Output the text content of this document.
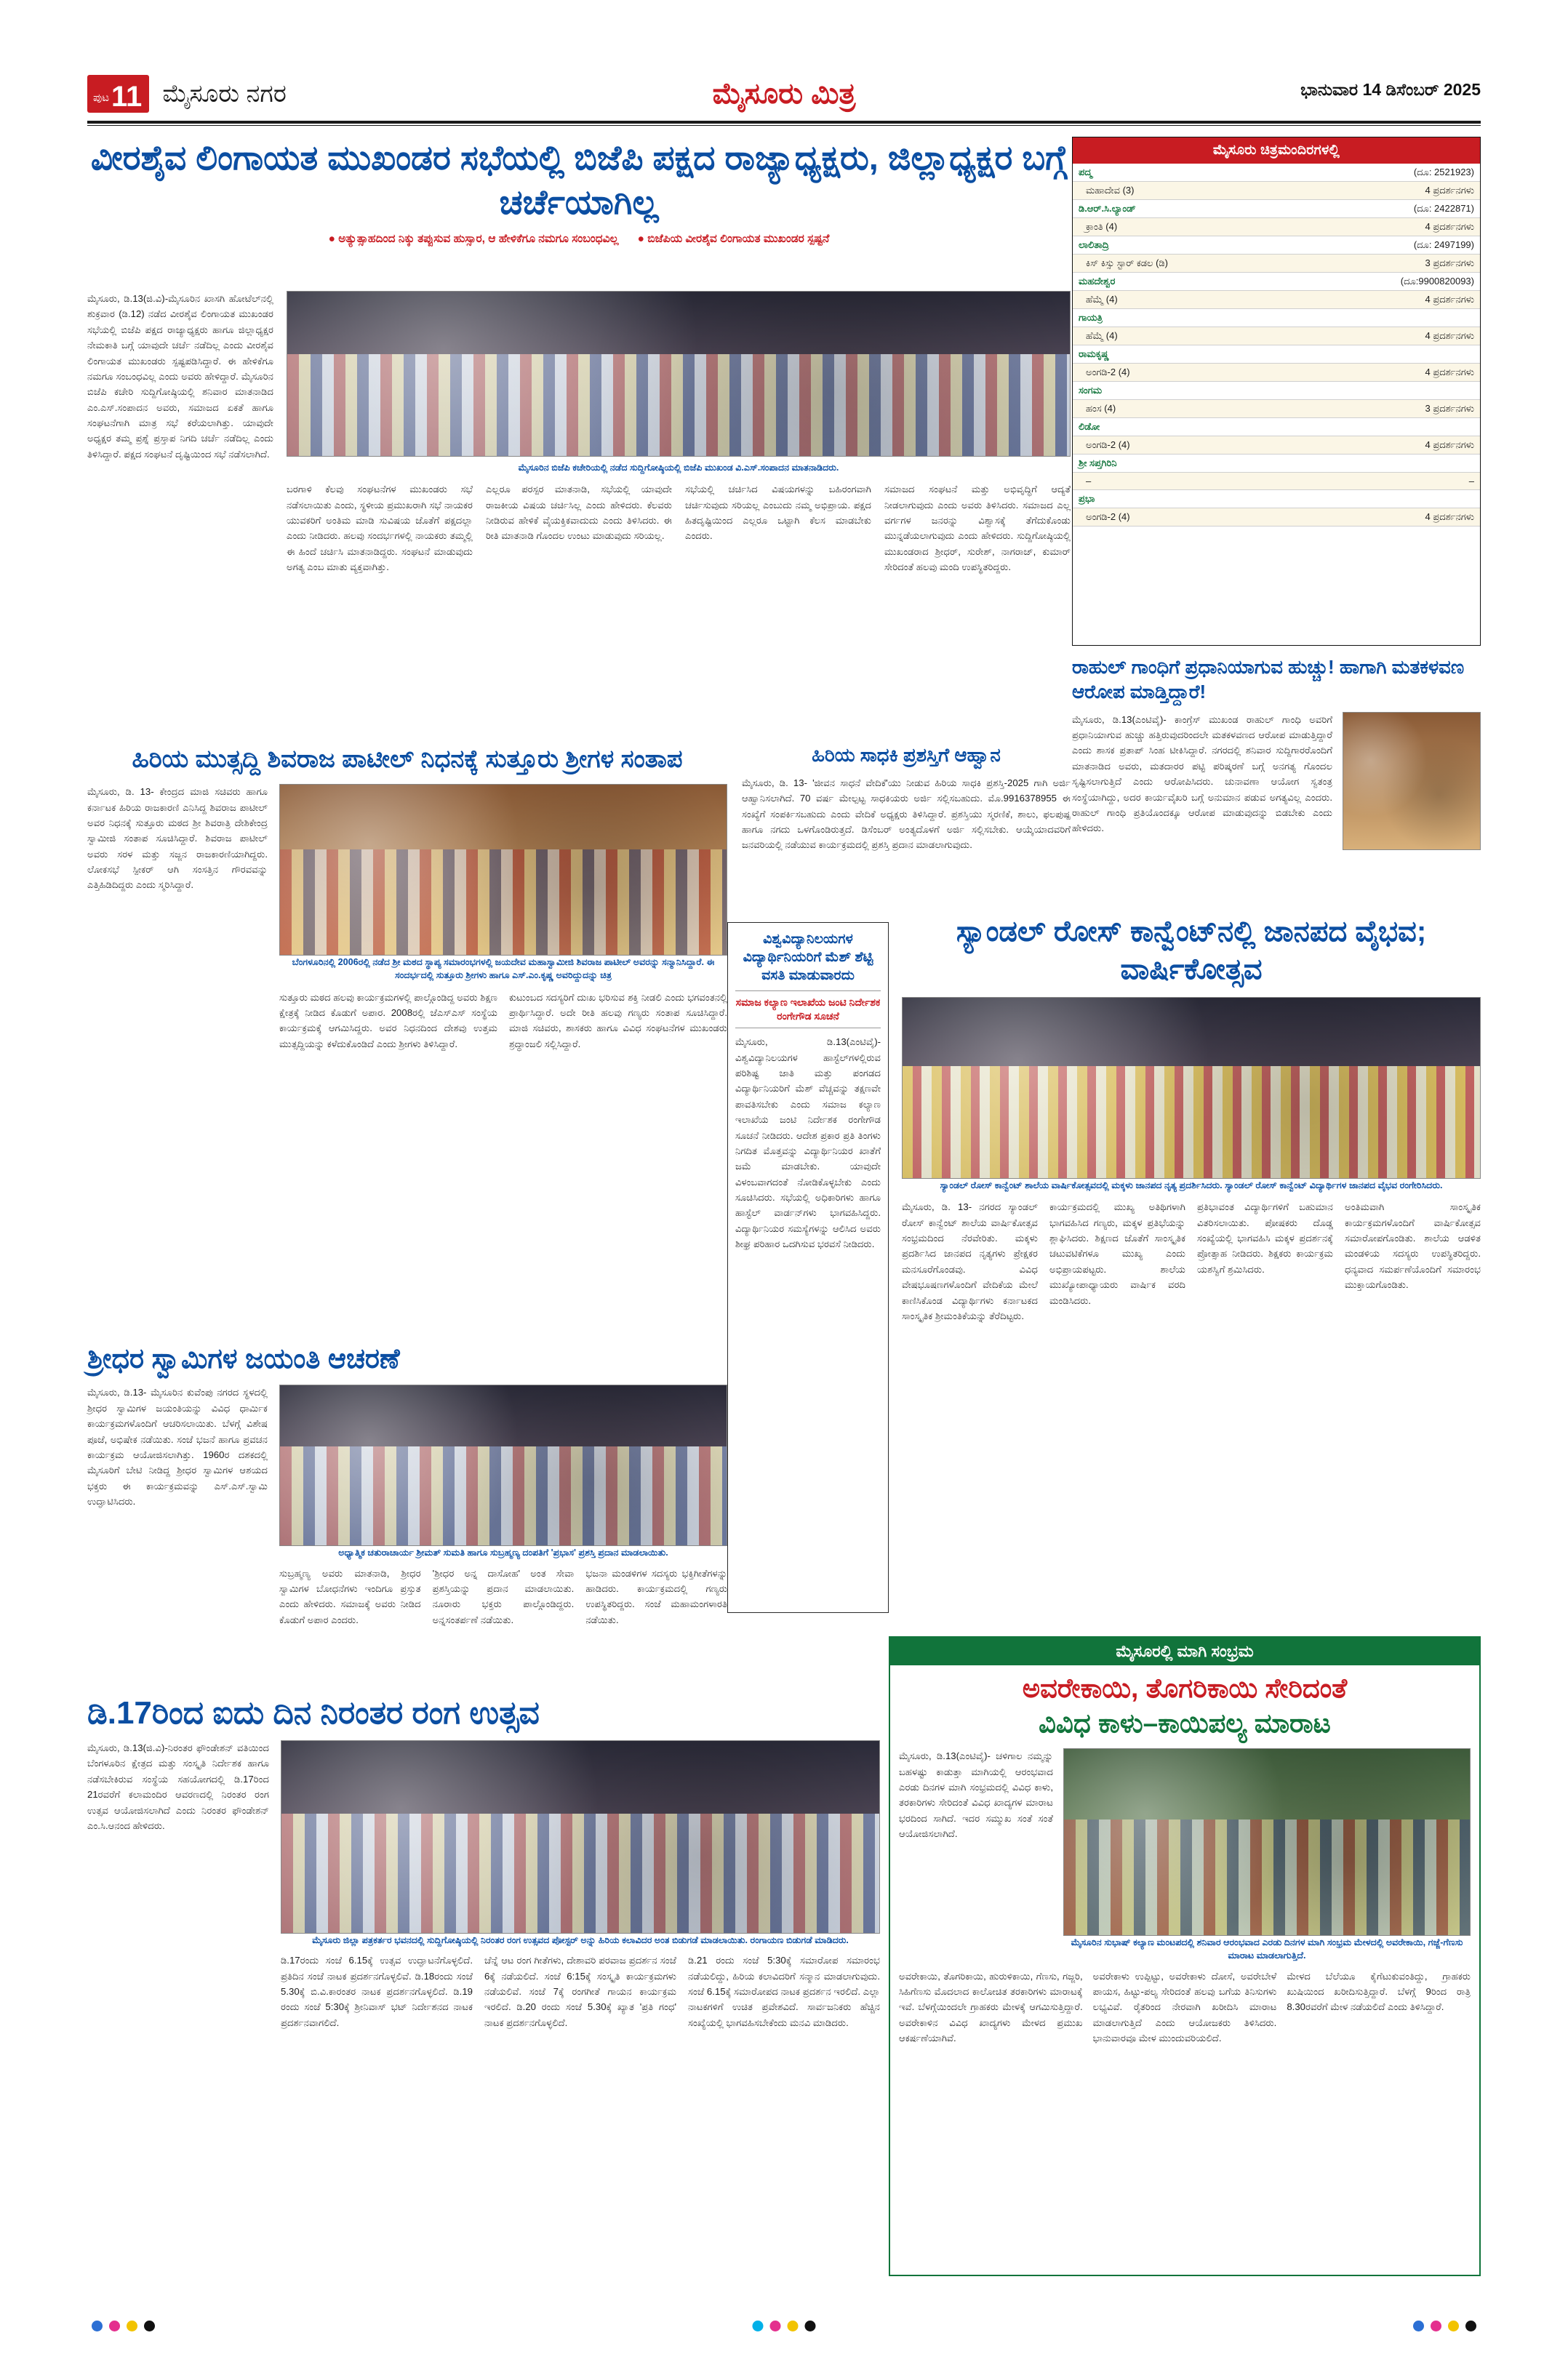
ಪುಟ 11 ಮೈಸೂರು ನಗರ	ಮೈಸೂರು ಮಿತ್ರ	ಭಾನುವಾರ 14 ಡಿಸೆಂಬರ್ 2025
ವೀರಶೈವ ಲಿಂಗಾಯತ ಮುಖಂಡರ ಸಭೆಯಲ್ಲಿ ಬಿಜೆಪಿ ಪಕ್ಷದ ರಾಜ್ಯಾಧ್ಯಕ್ಷರು, ಜಿಲ್ಲಾಧ್ಯಕ್ಷರ ಬಗ್ಗೆ ಚರ್ಚೆಯಾಗಿಲ್ಲ
● ಅತ್ಯುತ್ಸಾಹದಿಂದ ನಿಕ್ಕು ತಪ್ಪುಸುವ ಹುಸ್ಸಾರ, ಆ ಹೇಳಿಕೆಗೂ ನಮಗೂ ಸಂಬಂಧವಿಲ್ಲ	● ಬಿಜೆಪಿಯ ವೀರಶೈವ ಲಿಂಗಾಯತ ಮುಖಂಡರ ಸ್ಪಷ್ಟನೆ
ಮೈಸೂರು, ಡಿ.13(ಜಿ.ವಿ)-ಮೈಸೂರಿನ ಖಾಸಗಿ ಹೋಟೆಲ್‌ನಲ್ಲಿ ಶುಕ್ರವಾರ (ಡಿ.12) ನಡೆದ ವೀರಶೈವ ಲಿಂಗಾಯತ ಮುಖಂಡರ ಸಭೆಯಲ್ಲಿ ಬಿಜೆಪಿ ಪಕ್ಷದ ರಾಜ್ಯಾಧ್ಯಕ್ಷರು ಹಾಗೂ ಜಿಲ್ಲಾಧ್ಯಕ್ಷರ ನೇಮಕಾತಿ ಬಗ್ಗೆ ಯಾವುದೇ ಚರ್ಚೆ ನಡೆದಿಲ್ಲ ಎಂದು ವೀರಶೈವ ಲಿಂಗಾಯತ ಮುಖಂಡರು ಸ್ಪಷ್ಟಪಡಿಸಿದ್ದಾರೆ. ಈ ಹೇಳಿಕೆಗೂ ನಮಗೂ ಸಂಬಂಧವಿಲ್ಲ ಎಂದು ಅವರು ಹೇಳಿದ್ದಾರೆ. ಮೈಸೂರಿನ ಬಿಜೆಪಿ ಕಚೇರಿ ಸುದ್ದಿಗೋಷ್ಠಿಯಲ್ಲಿ ಶನಿವಾರ ಮಾತನಾಡಿದ ಎಂ.ಎಸ್.ಸಂಪಾದನ ಅವರು, ಸಮಾಜದ ಏಕತೆ ಹಾಗೂ ಸಂಘಟನೆಗಾಗಿ ಮಾತ್ರ ಸಭೆ ಕರೆಯಲಾಗಿತ್ತು. ಯಾವುದೇ ಅಧ್ಯಕ್ಷರ ತಮ್ಮ ಪ್ರಶ್ನೆ ಪ್ರಸ್ತಾಪ ನಿಗದಿ ಚರ್ಚೆ ನಡೆದಿಲ್ಲ ಎಂದು ತಿಳಿಸಿದ್ದಾರೆ. ಪಕ್ಷದ ಸಂಘಟನೆ ದೃಷ್ಟಿಯಿಂದ ಸಭೆ ನಡೆಸಲಾಗಿದೆ.
ಮೈಸೂರಿನ ಬಿಜೆಪಿ ಕಚೇರಿಯಲ್ಲಿ ನಡೆದ ಸುದ್ದಿಗೋಷ್ಠಿಯಲ್ಲಿ ಬಿಜೆಪಿ ಮುಖಂಡ ವಿ.ಎಸ್.ಸಂಪಾದನ ಮಾತನಾಡಿದರು.
ಬರಗಾಳಿ ಕೆಲವು ಸಂಘಟನೆಗಳ ಮುಖಂಡರು ಸಭೆ ನಡೆಸಲಾಯಿತು ಎಂದು, ಸ್ಥಳೀಯ ಪ್ರಮುಖರಾಗಿ ಸಭೆ ನಾಯಕರ ಯುವಕರಿಗೆ ಅಂತಿಮ ಮಾಡಿ ಸುವಿಷಯ ಜೊತೆಗೆ ಪಕ್ಷದಲ್ಲಾ ಎಂದು ನೀಡಿದರು. ಹಲವು ಸಂದರ್ಭಗಳಲ್ಲಿ ನಾಯಕರು ತಮ್ಮಲ್ಲಿ ಈ ಹಿಂದೆ ಚರ್ಚಿಸಿ ಮಾತನಾಡಿದ್ದರು. ಸಂಘಟನೆ ಮಾಡುವುದು ಅಗತ್ಯ ಎಂಬ ಮಾತು ವ್ಯಕ್ತವಾಗಿತ್ತು.
ಎಲ್ಲರೂ ಪರಸ್ಪರ ಮಾತನಾಡಿ, ಸಭೆಯಲ್ಲಿ ಯಾವುದೇ ರಾಜಕೀಯ ವಿಷಯ ಚರ್ಚಿಸಿಲ್ಲ ಎಂದು ಹೇಳಿದರು. ಕೆಲವರು ನೀಡಿರುವ ಹೇಳಿಕೆ ವೈಯಕ್ತಿಕವಾದುದು ಎಂದು ತಿಳಿಸಿದರು. ಈ ರೀತಿ ಮಾತನಾಡಿ ಗೊಂದಲ ಉಂಟು ಮಾಡುವುದು ಸರಿಯಲ್ಲ.
ಸಭೆಯಲ್ಲಿ ಚರ್ಚಿಸಿದ ವಿಷಯಗಳನ್ನು ಬಹಿರಂಗವಾಗಿ ಚರ್ಚಿಸುವುದು ಸರಿಯಲ್ಲ ಎಂಬುದು ನಮ್ಮ ಅಭಿಪ್ರಾಯ. ಪಕ್ಷದ ಹಿತದೃಷ್ಟಿಯಿಂದ ಎಲ್ಲರೂ ಒಟ್ಟಾಗಿ ಕೆಲಸ ಮಾಡಬೇಕು ಎಂದರು.
ಸಮಾಜದ ಸಂಘಟನೆ ಮತ್ತು ಅಭಿವೃದ್ಧಿಗೆ ಆದ್ಯತೆ ನೀಡಲಾಗುವುದು ಎಂದು ಅವರು ತಿಳಿಸಿದರು. ಸಮಾಜದ ಎಲ್ಲ ವರ್ಗಗಳ ಜನರನ್ನು ವಿಶ್ವಾಸಕ್ಕೆ ತೆಗೆದುಕೊಂಡು ಮುನ್ನಡೆಯಲಾಗುವುದು ಎಂದು ಹೇಳಿದರು. ಸುದ್ದಿಗೋಷ್ಠಿಯಲ್ಲಿ ಮುಖಂಡರಾದ ಶ್ರೀಧರ್, ಸುರೇಶ್, ನಾಗರಾಜ್, ಕುಮಾರ್ ಸೇರಿದಂತೆ ಹಲವು ಮಂದಿ ಉಪಸ್ಥಿತರಿದ್ದರು.
ಮೈಸೂರು ಚಿತ್ರಮಂದಿರಗಳಲ್ಲಿ
ಪದ್ಮ	(ದೂ: 2521923)
ಮಹಾದೇವ (3)	4 ಪ್ರದರ್ಶನಗಳು
ಡಿ.ಆರ್.ಸಿ.ಲ್ಯಾಂಡ್	(ದೂ: 2422871)
ಕ್ರಾಂತಿ (4)	4 ಪ್ರದರ್ಶನಗಳು
ಲಾಲಿತಾದ್ರಿ	(ದೂ: 2497199)
ಕಿಸ್ ಕಿಸ್ಸು ಸ್ಟಾರ್ ಕಡಲ (ಡಿ)	3 ಪ್ರದರ್ಶನಗಳು
ಮಹದೇಶ್ವರ	(ದೂ:9900820093)
ಹೆಮ್ಮೆ (4)	4 ಪ್ರದರ್ಶನಗಳು
ಗಾಯತ್ರಿ	
ಹೆಮ್ಮೆ (4)	4 ಪ್ರದರ್ಶನಗಳು
ರಾಮಕೃಷ್ಣ	
ಅಂಗಡಿ-2 (4)	4 ಪ್ರದರ್ಶನಗಳು
ಸಂಗಮ	
ಹಂಸ (4)	3 ಪ್ರದರ್ಶನಗಳು
ಲಿಡೋ	
ಅಂಗಡಿ-2 (4)	4 ಪ್ರದರ್ಶನಗಳು
ಶ್ರೀ ಸಪ್ತಗಿರಿನಿ	
–	–
ಪ್ರಭಾ	
ಅಂಗಡಿ-2 (4)	4 ಪ್ರದರ್ಶನಗಳು
ರಾಹುಲ್ ಗಾಂಧಿಗೆ ಪ್ರಧಾನಿಯಾಗುವ ಹುಚ್ಚು! ಹಾಗಾಗಿ ಮತಕಳವಣ ಆರೋಪ ಮಾಡ್ತಿದ್ದಾರೆ!
ಮೈಸೂರು, ಡಿ.13(ಎಂಟಿವೈ)- ಕಾಂಗ್ರೆಸ್ ಮುಖಂಡ ರಾಹುಲ್ ಗಾಂಧಿ ಅವರಿಗೆ ಪ್ರಧಾನಿಯಾಗುವ ಹುಚ್ಚು ಹತ್ತಿರುವುದರಿಂದಲೇ ಮತಕಳವಣದ ಆರೋಪ ಮಾಡುತ್ತಿದ್ದಾರೆ ಎಂದು ಶಾಸಕ ಪ್ರತಾಪ್ ಸಿಂಹ ಟೀಕಿಸಿದ್ದಾರೆ. ನಗರದಲ್ಲಿ ಶನಿವಾರ ಸುದ್ದಿಗಾರರೊಂದಿಗೆ ಮಾತನಾಡಿದ ಅವರು, ಮತದಾರರ ಪಟ್ಟಿ ಪರಿಷ್ಕರಣೆ ಬಗ್ಗೆ ಅನಗತ್ಯ ಗೊಂದಲ ಸೃಷ್ಟಿಸಲಾಗುತ್ತಿದೆ ಎಂದು ಆರೋಪಿಸಿದರು. ಚುನಾವಣಾ ಆಯೋಗ ಸ್ವತಂತ್ರ ಸಂಸ್ಥೆಯಾಗಿದ್ದು, ಅದರ ಕಾರ್ಯವೈಖರಿ ಬಗ್ಗೆ ಅನುಮಾನ ಪಡುವ ಅಗತ್ಯವಿಲ್ಲ ಎಂದರು. ರಾಹುಲ್ ಗಾಂಧಿ ಪ್ರತಿಯೊಂದಕ್ಕೂ ಆರೋಪ ಮಾಡುವುದನ್ನು ಬಿಡಬೇಕು ಎಂದು ಹೇಳಿದರು.
ಹಿರಿಯ ಮುತ್ಸದ್ದಿ ಶಿವರಾಜ ಪಾಟೀಲ್ ನಿಧನಕ್ಕೆ ಸುತ್ತೂರು ಶ್ರೀಗಳ ಸಂತಾಪ
ಮೈಸೂರು, ಡಿ. 13- ಕೇಂದ್ರದ ಮಾಜಿ ಸಚಿವರು ಹಾಗೂ ಕರ್ನಾಟಕ ಹಿರಿಯ ರಾಜಕಾರಣಿ ಎನಿಸಿದ್ದ ಶಿವರಾಜ ಪಾಟೀಲ್ ಅವರ ನಿಧನಕ್ಕೆ ಸುತ್ತೂರು ಮಠದ ಶ್ರೀ ಶಿವರಾತ್ರಿ ದೇಶಿಕೇಂದ್ರ ಸ್ವಾಮೀಜಿ ಸಂತಾಪ ಸೂಚಿಸಿದ್ದಾರೆ. ಶಿವರಾಜ ಪಾಟೀಲ್ ಅವರು ಸರಳ ಮತ್ತು ಸಜ್ಜನ ರಾಜಕಾರಣಿಯಾಗಿದ್ದರು. ಲೋಕಸಭೆ ಸ್ಪೀಕರ್ ಆಗಿ ಸಂಸತ್ತಿನ ಗೌರವವನ್ನು ಎತ್ತಿಹಿಡಿದಿದ್ದರು ಎಂದು ಸ್ಮರಿಸಿದ್ದಾರೆ.
ಬೆಂಗಳೂರಿನಲ್ಲಿ 2006ರಲ್ಲಿ ನಡೆದ ಶ್ರೀ ಮಠದ ಸ್ಥಾಪ್ಯ ಸಮಾರಂಭಗಳಲ್ಲಿ ಜಯದೇವ ಮಹಾಸ್ವಾಮೀಜಿ ಶಿವರಾಜ ಪಾಟೀಲ್ ಅವರನ್ನು ಸನ್ಮಾನಿಸಿದ್ದಾರೆ. ಈ ಸಂದರ್ಭದಲ್ಲಿ ಸುತ್ತೂರು ಶ್ರೀಗಳು ಹಾಗೂ ಎಸ್.ಎಂ.ಕೃಷ್ಣ ಅವರಿದ್ದುದನ್ನು ಚಿತ್ರ
ಸುತ್ತೂರು ಮಠದ ಹಲವು ಕಾರ್ಯಕ್ರಮಗಳಲ್ಲಿ ಪಾಲ್ಗೊಂಡಿದ್ದ ಅವರು ಶಿಕ್ಷಣ ಕ್ಷೇತ್ರಕ್ಕೆ ನೀಡಿದ ಕೊಡುಗೆ ಅಪಾರ. 2008ರಲ್ಲಿ ಜೆಎಸ್‌ಎಸ್ ಸಂಸ್ಥೆಯ ಕಾರ್ಯಕ್ರಮಕ್ಕೆ ಆಗಮಿಸಿದ್ದರು. ಅವರ ನಿಧನದಿಂದ ದೇಶವು ಉತ್ತಮ ಮುತ್ಸದ್ದಿಯನ್ನು ಕಳೆದುಕೊಂಡಿದೆ ಎಂದು ಶ್ರೀಗಳು ತಿಳಿಸಿದ್ದಾರೆ.
ಕುಟುಂಬದ ಸದಸ್ಯರಿಗೆ ದುಃಖ ಭರಿಸುವ ಶಕ್ತಿ ನೀಡಲಿ ಎಂದು ಭಗವಂತನಲ್ಲಿ ಪ್ರಾರ್ಥಿಸಿದ್ದಾರೆ. ಅದೇ ರೀತಿ ಹಲವು ಗಣ್ಯರು ಸಂತಾಪ ಸೂಚಿಸಿದ್ದಾರೆ. ಮಾಜಿ ಸಚಿವರು, ಶಾಸಕರು ಹಾಗೂ ವಿವಿಧ ಸಂಘಟನೆಗಳ ಮುಖಂಡರು ಶ್ರದ್ಧಾಂಜಲಿ ಸಲ್ಲಿಸಿದ್ದಾರೆ.
ಹಿರಿಯ ಸಾಧಕಿ ಪ್ರಶಸ್ತಿಗೆ ಆಹ್ವಾನ

ಮೈಸೂರು, ಡಿ. 13- 'ಜೀವನ ಸಾಧನೆ ವೇದಿಕೆ'ಯು ನೀಡುವ ಹಿರಿಯ ಸಾಧಕಿ ಪ್ರಶಸ್ತಿ-2025 ಗಾಗಿ ಅರ್ಜಿ ಆಹ್ವಾನಿಸಲಾಗಿದೆ. 70 ವರ್ಷ ಮೇಲ್ಪಟ್ಟ ಸಾಧಕಿಯರು ಅರ್ಜಿ ಸಲ್ಲಿಸಬಹುದು. ಮೊ.9916378955 ಈ ಸಂಖ್ಯೆಗೆ ಸಂಪರ್ಕಿಸಬಹುದು ಎಂದು ವೇದಿಕೆ ಅಧ್ಯಕ್ಷರು ತಿಳಿಸಿದ್ದಾರೆ. ಪ್ರಶಸ್ತಿಯು ಸ್ಮರಣಿಕೆ, ಶಾಲು, ಫಲಪುಷ್ಪ ಹಾಗೂ ನಗದು ಒಳಗೊಂಡಿರುತ್ತದೆ. ಡಿಸೆಂಬರ್ ಅಂತ್ಯದೊಳಗೆ ಅರ್ಜಿ ಸಲ್ಲಿಸಬೇಕು. ಆಯ್ಕೆಯಾದವರಿಗೆ ಜನವರಿಯಲ್ಲಿ ನಡೆಯುವ ಕಾರ್ಯಕ್ರಮದಲ್ಲಿ ಪ್ರಶಸ್ತಿ ಪ್ರದಾನ ಮಾಡಲಾಗುವುದು.

ವಿಶ್ವವಿದ್ಯಾನಿಲಯಗಳ ವಿದ್ಯಾರ್ಥಿನಿಯರಿಗೆ ಮೆಶ್ ಶೆಟ್ಟಿ ವಸತಿ ಮಾಡುವಾರದು
ಸಮಾಜ ಕಲ್ಯಾಣ ಇಲಾಖೆಯ ಜಂಟಿ ನಿರ್ದೇಶಕ ರಂಗೇಗೌಡ ಸೂಚನೆ
ಮೈಸೂರು, ಡಿ.13(ಎಂಟಿವೈ)- ವಿಶ್ವವಿದ್ಯಾನಿಲಯಗಳ ಹಾಸ್ಟೆಲ್‌ಗಳಲ್ಲಿರುವ ಪರಿಶಿಷ್ಟ ಜಾತಿ ಮತ್ತು ಪಂಗಡದ ವಿದ್ಯಾರ್ಥಿನಿಯರಿಗೆ ಮೆಶ್ ವೆಚ್ಚವನ್ನು ತಕ್ಷಣವೇ ಪಾವತಿಸಬೇಕು ಎಂದು ಸಮಾಜ ಕಲ್ಯಾಣ ಇಲಾಖೆಯ ಜಂಟಿ ನಿರ್ದೇಶಕ ರಂಗೇಗೌಡ ಸೂಚನೆ ನೀಡಿದರು. ಆದೇಶ ಪ್ರಕಾರ ಪ್ರತಿ ತಿಂಗಳು ನಿಗದಿತ ಮೊತ್ತವನ್ನು ವಿದ್ಯಾರ್ಥಿನಿಯರ ಖಾತೆಗೆ ಜಮೆ ಮಾಡಬೇಕು. ಯಾವುದೇ ವಿಳಂಬವಾಗದಂತೆ ನೋಡಿಕೊಳ್ಳಬೇಕು ಎಂದು ಸೂಚಿಸಿದರು. ಸಭೆಯಲ್ಲಿ ಅಧಿಕಾರಿಗಳು ಹಾಗೂ ಹಾಸ್ಟೆಲ್ ವಾರ್ಡನ್‌ಗಳು ಭಾಗವಹಿಸಿದ್ದರು. ವಿದ್ಯಾರ್ಥಿನಿಯರ ಸಮಸ್ಯೆಗಳನ್ನು ಆಲಿಸಿದ ಅವರು ಶೀಘ್ರ ಪರಿಹಾರ ಒದಗಿಸುವ ಭರವಸೆ ನೀಡಿದರು.
ಸ್ಯಾಂಡಲ್ ರೋಸ್ ಕಾನ್ವೆಂಟ್‌ನಲ್ಲಿ ಜಾನಪದ ವೈಭವ; ವಾರ್ಷಿಕೋತ್ಸವ
ಸ್ಯಾಂಡಲ್ ರೋಸ್ ಕಾನ್ವೆಂಟ್ ಶಾಲೆಯ ವಾರ್ಷಿಕೋತ್ಸವದಲ್ಲಿ ಮಕ್ಕಳು ಜಾನಪದ ನೃತ್ಯ ಪ್ರದರ್ಶಿಸಿದರು. ಸ್ಯಾಂಡಲ್ ರೋಸ್ ಕಾನ್ವೆಂಟ್ ವಿದ್ಯಾರ್ಥಿಗಳ ಜಾನಪದ ವೈಭವ ರಂಗೇರಿಸಿದರು.
ಮೈಸೂರು, ಡಿ. 13- ನಗರದ ಸ್ಯಾಂಡಲ್ ರೋಸ್ ಕಾನ್ವೆಂಟ್ ಶಾಲೆಯ ವಾರ್ಷಿಕೋತ್ಸವ ಸಂಭ್ರಮದಿಂದ ನೆರವೇರಿತು. ಮಕ್ಕಳು ಪ್ರದರ್ಶಿಸಿದ ಜಾನಪದ ನೃತ್ಯಗಳು ಪ್ರೇಕ್ಷಕರ ಮನಸೂರೆಗೊಂಡವು. ವಿವಿಧ ವೇಷಭೂಷಣಗಳೊಂದಿಗೆ ವೇದಿಕೆಯ ಮೇಲೆ ಕಾಣಿಸಿಕೊಂಡ ವಿದ್ಯಾರ್ಥಿಗಳು ಕರ್ನಾಟಕದ ಸಾಂಸ್ಕೃತಿಕ ಶ್ರೀಮಂತಿಕೆಯನ್ನು ತೆರೆದಿಟ್ಟರು.
ಕಾರ್ಯಕ್ರಮದಲ್ಲಿ ಮುಖ್ಯ ಅತಿಥಿಗಳಾಗಿ ಭಾಗವಹಿಸಿದ ಗಣ್ಯರು, ಮಕ್ಕಳ ಪ್ರತಿಭೆಯನ್ನು ಶ್ಲಾಘಿಸಿದರು. ಶಿಕ್ಷಣದ ಜೊತೆಗೆ ಸಾಂಸ್ಕೃತಿಕ ಚಟುವಟಿಕೆಗಳೂ ಮುಖ್ಯ ಎಂದು ಅಭಿಪ್ರಾಯಪಟ್ಟರು. ಶಾಲೆಯ ಮುಖ್ಯೋಪಾಧ್ಯಾಯರು ವಾರ್ಷಿಕ ವರದಿ ಮಂಡಿಸಿದರು.
ಪ್ರತಿಭಾವಂತ ವಿದ್ಯಾರ್ಥಿಗಳಿಗೆ ಬಹುಮಾನ ವಿತರಿಸಲಾಯಿತು. ಪೋಷಕರು ದೊಡ್ಡ ಸಂಖ್ಯೆಯಲ್ಲಿ ಭಾಗವಹಿಸಿ ಮಕ್ಕಳ ಪ್ರದರ್ಶನಕ್ಕೆ ಪ್ರೋತ್ಸಾಹ ನೀಡಿದರು. ಶಿಕ್ಷಕರು ಕಾರ್ಯಕ್ರಮ ಯಶಸ್ವಿಗೆ ಶ್ರಮಿಸಿದರು.
ಅಂತಿಮವಾಗಿ ಸಾಂಸ್ಕೃತಿಕ ಕಾರ್ಯಕ್ರಮಗಳೊಂದಿಗೆ ವಾರ್ಷಿಕೋತ್ಸವ ಸಮಾರೋಪಗೊಂಡಿತು. ಶಾಲೆಯ ಆಡಳಿತ ಮಂಡಳಿಯ ಸದಸ್ಯರು ಉಪಸ್ಥಿತರಿದ್ದರು. ಧನ್ಯವಾದ ಸಮರ್ಪಣೆಯೊಂದಿಗೆ ಸಮಾರಂಭ ಮುಕ್ತಾಯಗೊಂಡಿತು.
ಶ್ರೀಧರ ಸ್ವಾಮಿಗಳ ಜಯಂತಿ ಆಚರಣೆ
ಮೈಸೂರು, ಡಿ.13- ಮೈಸೂರಿನ ಕುವೆಂಪು ನಗರದ ಸ್ಥಳದಲ್ಲಿ ಶ್ರೀಧರ ಸ್ವಾಮಿಗಳ ಜಯಂತಿಯನ್ನು ವಿವಿಧ ಧಾರ್ಮಿಕ ಕಾರ್ಯಕ್ರಮಗಳೊಂದಿಗೆ ಆಚರಿಸಲಾಯಿತು. ಬೆಳಗ್ಗೆ ವಿಶೇಷ ಪೂಜೆ, ಅಭಿಷೇಕ ನಡೆಯಿತು. ಸಂಜೆ ಭಜನೆ ಹಾಗೂ ಪ್ರವಚನ ಕಾರ್ಯಕ್ರಮ ಆಯೋಜಿಸಲಾಗಿತ್ತು. 1960ರ ದಶಕದಲ್ಲಿ ಮೈಸೂರಿಗೆ ಬೇಟಿ ನೀಡಿದ್ದ ಶ್ರೀಧರ ಸ್ವಾಮಿಗಳ ಆಶಯದ ಭಕ್ತರು ಈ ಕಾರ್ಯಕ್ರಮವನ್ನು ಎಸ್.ಎಸ್.ಸ್ವಾಮಿ ಉದ್ಘಾಟಿಸಿದರು.
ಅಧ್ಯಾತ್ಮಿಕ ಚತುರಾಚಾರ್ಯ ಶ್ರೀಮತ್ ಸುಮತಿ ಹಾಗೂ ಸುಬ್ರಹ್ಮಣ್ಯ ದಂಪತಿಗೆ 'ಪ್ರಭಾಸ' ಪ್ರಶಸ್ತಿ ಪ್ರದಾನ ಮಾಡಲಾಯಿತು.
ಸುಬ್ರಹ್ಮಣ್ಯ ಅವರು ಮಾತನಾಡಿ, ಶ್ರೀಧರ ಸ್ವಾಮಿಗಳ ಬೋಧನೆಗಳು ಇಂದಿಗೂ ಪ್ರಸ್ತುತ ಎಂದು ಹೇಳಿದರು. ಸಮಾಜಕ್ಕೆ ಅವರು ನೀಡಿದ ಕೊಡುಗೆ ಅಪಾರ ಎಂದರು.
'ಶ್ರೀಧರ ಅನ್ನ ದಾಸೋಹ' ಅಂತ ಸೇವಾ ಪ್ರಶಸ್ತಿಯನ್ನು ಪ್ರದಾನ ಮಾಡಲಾಯಿತು. ನೂರಾರು ಭಕ್ತರು ಪಾಲ್ಗೊಂಡಿದ್ದರು. ಅನ್ನಸಂತರ್ಪಣೆ ನಡೆಯಿತು.
ಭಜನಾ ಮಂಡಳಿಗಳ ಸದಸ್ಯರು ಭಕ್ತಿಗೀತೆಗಳನ್ನು ಹಾಡಿದರು. ಕಾರ್ಯಕ್ರಮದಲ್ಲಿ ಗಣ್ಯರು ಉಪಸ್ಥಿತರಿದ್ದರು. ಸಂಜೆ ಮಹಾಮಂಗಳಾರತಿ ನಡೆಯಿತು.
ಡಿ.17ರಿಂದ ಐದು ದಿನ ನಿರಂತರ ರಂಗ ಉತ್ಸವ
ಮೈಸೂರು, ಡಿ.13(ಜಿ.ವಿ)-ನಿರಂತರ ಫೌಂಡೇಶನ್ ವತಿಯಿಂದ ಬೆಂಗಳೂರಿನ ಕ್ಷೇತ್ರದ ಮತ್ತು ಸಂಸ್ಕೃತಿ ನಿರ್ದೇಶಕ ಹಾಗೂ ನಡೆಸಬೇಕಿರುವ ಸಂಸ್ಥೆಯ ಸಹಯೋಗದಲ್ಲಿ ಡಿ.17ರಿಂದ 21ರವರೆಗೆ ಕಲಾಮಂದಿರ ಆವರಣದಲ್ಲಿ ನಿರಂತರ ರಂಗ ಉತ್ಸವ ಆಯೋಜಿಸಲಾಗಿದೆ ಎಂದು ನಿರಂತರ ಫೌಂಡೇಶನ್ ಎಂ.ಸಿ.ಆನಂದ ಹೇಳಿದರು.
ಮೈಸೂರು ಜಿಲ್ಲಾ ಪತ್ರಕರ್ತರ ಭವನದಲ್ಲಿ ಸುದ್ದಿಗೋಷ್ಠಿಯಲ್ಲಿ ನಿರಂತರ ರಂಗ ಉತ್ಸವದ ಪೋಸ್ಟರ್ ಅನ್ನು ಹಿರಿಯ ಕಲಾವಿದರ ಅಂತ ಬಿಡುಗಡೆ ಮಾಡಲಾಯಿತು. ರಂಗಾಯಣ ಬಿಡುಗಡೆ ಮಾಡಿದರು.
ಡಿ.17ರಂದು ಸಂಜೆ 6.15ಕ್ಕೆ ಉತ್ಸವ ಉದ್ಘಾಟನೆಗೊಳ್ಳಲಿದೆ. ಪ್ರತಿದಿನ ಸಂಜೆ ನಾಟಕ ಪ್ರದರ್ಶನಗೊಳ್ಳಲಿವೆ. ಡಿ.18ರಂದು ಸಂಜೆ 5.30ಕ್ಕೆ ಬಿ.ವಿ.ಕಾರಂತರ ನಾಟಕ ಪ್ರದರ್ಶನಗೊಳ್ಳಲಿದೆ. ಡಿ.19 ರಂದು ಸಂಜೆ 5:30ಕ್ಕೆ ಶ್ರೀನಿವಾಸ್ ಭಟ್ ನಿರ್ದೇಶನದ ನಾಟಕ ಪ್ರದರ್ಶನವಾಗಲಿದೆ.
ಚೆನ್ನೆ ಆಟ ರಂಗ ಗೀತೆಗಳು, ದೇಶಾವರಿ ಪರವಾಜ ಪ್ರದರ್ಶನ ಸಂಜೆ 6ಕ್ಕೆ ನಡೆಯಲಿದೆ. ಸಂಜೆ 6:15ಕ್ಕೆ ಸಂಸ್ಕೃತಿ ಕಾರ್ಯಕ್ರಮಗಳು ನಡೆಯಲಿವೆ. ಸಂಜೆ 7ಕ್ಕೆ ರಂಗಗೀತೆ ಗಾಯನ ಕಾರ್ಯಕ್ರಮ ಇರಲಿದೆ. ಡಿ.20 ರಂದು ಸಂಜೆ 5.30ಕ್ಕೆ ಖ್ಯಾತ 'ಪ್ರತಿ ಗಂಧ' ನಾಟಕ ಪ್ರದರ್ಶನಗೊಳ್ಳಲಿದೆ.
ಡಿ.21 ರಂದು ಸಂಜೆ 5:30ಕ್ಕೆ ಸಮಾರೋಪ ಸಮಾರಂಭ ನಡೆಯಲಿದ್ದು, ಹಿರಿಯ ಕಲಾವಿದರಿಗೆ ಸನ್ಮಾನ ಮಾಡಲಾಗುವುದು. ಸಂಜೆ 6.15ಕ್ಕೆ ಸಮಾರೋಪದ ನಾಟಕ ಪ್ರದರ್ಶನ ಇರಲಿದೆ. ಎಲ್ಲಾ ನಾಟಕಗಳಿಗೆ ಉಚಿತ ಪ್ರವೇಶವಿದೆ. ಸಾರ್ವಜನಿಕರು ಹೆಚ್ಚಿನ ಸಂಖ್ಯೆಯಲ್ಲಿ ಭಾಗವಹಿಸಬೇಕೆಂದು ಮನವಿ ಮಾಡಿದರು.
ಮೈಸೂರಲ್ಲಿ ಮಾಗಿ ಸಂಭ್ರಮ
ಅವರೇಕಾಯಿ, ತೊಗರಿಕಾಯಿ ಸೇರಿದಂತೆ
ವಿವಿಧ ಕಾಳು–ಕಾಯಿಪಲ್ಯ ಮಾರಾಟ
ಮೈಸೂರು, ಡಿ.13(ಎಂಟಿವೈ)- ಚಳಿಗಾಲ ನಮ್ಮನ್ನು ಬಹಳಷ್ಟು ಕಾಡುತ್ತಾ ಮಾಗಿಯಲ್ಲಿ ಆರಂಭವಾದ ಎರಡು ದಿನಗಳ ಮಾಗಿ ಸಂಭ್ರಮದಲ್ಲಿ ವಿವಿಧ ಕಾಳು, ತರಕಾರಿಗಳು ಸೇರಿದಂತೆ ವಿವಿಧ ಖಾದ್ಯಗಳ ಮಾರಾಟ ಭರದಿಂದ ಸಾಗಿದೆ. ಇದರ ಸಮ್ಮುಖ ಸಂತೆ ಸಂತೆ ಆಯೋಜಿಸಲಾಗಿದೆ.
ಮೈಸೂರಿನ ಸುಭಾಷ್ ಕಲ್ಯಾಣ ಮಂಟಪದಲ್ಲಿ ಶನಿವಾರ ಆರಂಭವಾದ ಎರಡು ದಿನಗಳ ಮಾಗಿ ಸಂಭ್ರಮ ಮೇಳದಲ್ಲಿ ಅವರೇಕಾಯಿ, ಗಜ್ಜೆ-ಗೆಣಸು ಮಾರಾಟ ಮಾಡಲಾಗುತ್ತಿದೆ.
ಅವರೇಕಾಯಿ, ತೊಗರಿಕಾಯಿ, ಹುರುಳಿಕಾಯಿ, ಗೆಣಸು, ಗಜ್ಜರಿ, ಸಿಹಿಗೆಣಸು ಮೊದಲಾದ ಕಾಲೋಚಿತ ತರಕಾರಿಗಳು ಮಾರಾಟಕ್ಕೆ ಇವೆ. ಬೆಳಗ್ಗೆಯಿಂದಲೇ ಗ್ರಾಹಕರು ಮೇಳಕ್ಕೆ ಆಗಮಿಸುತ್ತಿದ್ದಾರೆ. ಅವರೇಕಾಳಿನ ವಿವಿಧ ಖಾದ್ಯಗಳು ಮೇಳದ ಪ್ರಮುಖ ಆಕರ್ಷಣೆಯಾಗಿವೆ.
ಅವರೇಕಾಳು ಉಪ್ಪಿಟ್ಟು, ಅವರೇಕಾಳು ದೋಸೆ, ಅವರೇಬೇಳೆ ಪಾಯಸ, ಹಿಟ್ಟು-ಪಲ್ಯ ಸೇರಿದಂತೆ ಹಲವು ಬಗೆಯ ತಿನಿಸುಗಳು ಲಭ್ಯವಿವೆ. ರೈತರಿಂದ ನೇರವಾಗಿ ಖರೀದಿಸಿ ಮಾರಾಟ ಮಾಡಲಾಗುತ್ತಿದೆ ಎಂದು ಆಯೋಜಕರು ತಿಳಿಸಿದರು. ಭಾನುವಾರವೂ ಮೇಳ ಮುಂದುವರಿಯಲಿದೆ.
ಮೇಳದ ಬೆಲೆಯೂ ಕೈಗೆಟುಕುವಂತಿದ್ದು, ಗ್ರಾಹಕರು ಖುಷಿಯಿಂದ ಖರೀದಿಸುತ್ತಿದ್ದಾರೆ. ಬೆಳಗ್ಗೆ 9ರಿಂದ ರಾತ್ರಿ 8.30ರವರೆಗೆ ಮೇಳ ನಡೆಯಲಿದೆ ಎಂದು ತಿಳಿಸಿದ್ದಾರೆ.
